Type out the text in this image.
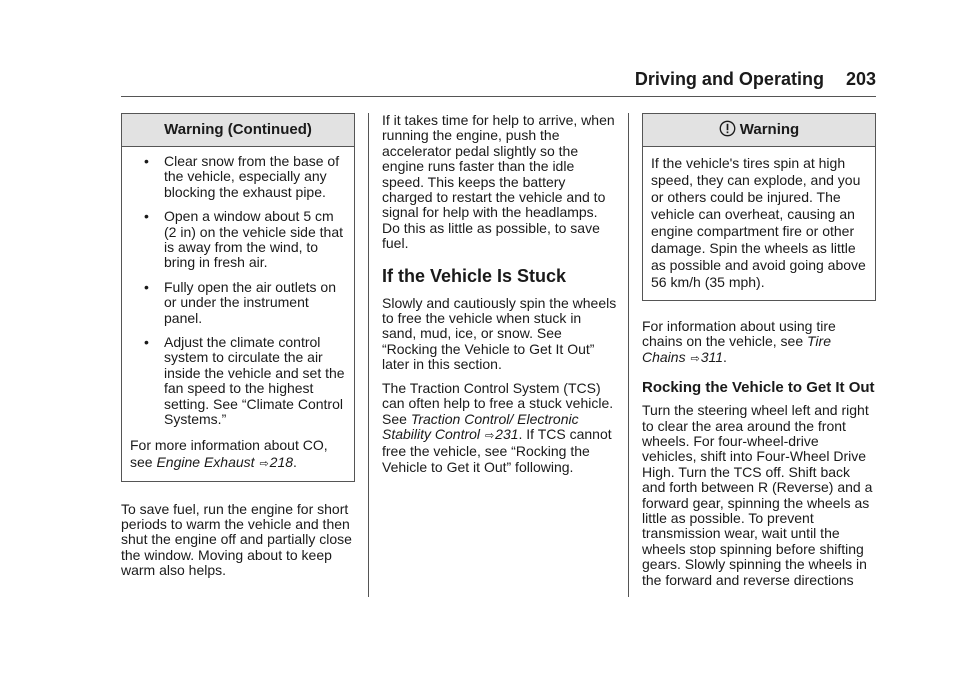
Driving and Operating 203
Warning (Continued)
• Clear snow from the base of the vehicle, especially any blocking the exhaust pipe.
• Open a window about 5 cm (2 in) on the vehicle side that is away from the wind, to bring in fresh air.
• Fully open the air outlets on or under the instrument panel.
• Adjust the climate control system to circulate the air inside the vehicle and set the fan speed to the highest setting. See “Climate Control Systems.”

For more information about CO, see Engine Exhaust ⇨218.

To save fuel, run the engine for short periods to warm the vehicle and then shut the engine off and partially close the window. Moving about to keep warm also helps.

If it takes time for help to arrive, when running the engine, push the accelerator pedal slightly so the engine runs faster than the idle speed. This keeps the battery charged to restart the vehicle and to signal for help with the headlamps. Do this as little as possible, to save fuel.

If the Vehicle Is Stuck

Slowly and cautiously spin the wheels to free the vehicle when stuck in sand, mud, ice, or snow. See “Rocking the Vehicle to Get It Out” later in this section.

The Traction Control System (TCS) can often help to free a stuck vehicle. See Traction Control/ Electronic Stability Control ⇨231. If TCS cannot free the vehicle, see “Rocking the Vehicle to Get it Out” following.

Warning
If the vehicle's tires spin at high speed, they can explode, and you or others could be injured. The vehicle can overheat, causing an engine compartment fire or other damage. Spin the wheels as little as possible and avoid going above 56 km/h (35 mph).

For information about using tire chains on the vehicle, see Tire Chains ⇨311.

Rocking the Vehicle to Get It Out

Turn the steering wheel left and right to clear the area around the front wheels. For four-wheel-drive vehicles, shift into Four-Wheel Drive High. Turn the TCS off. Shift back and forth between R (Reverse) and a forward gear, spinning the wheels as little as possible. To prevent transmission wear, wait until the wheels stop spinning before shifting gears. Slowly spinning the wheels in the forward and reverse directions
